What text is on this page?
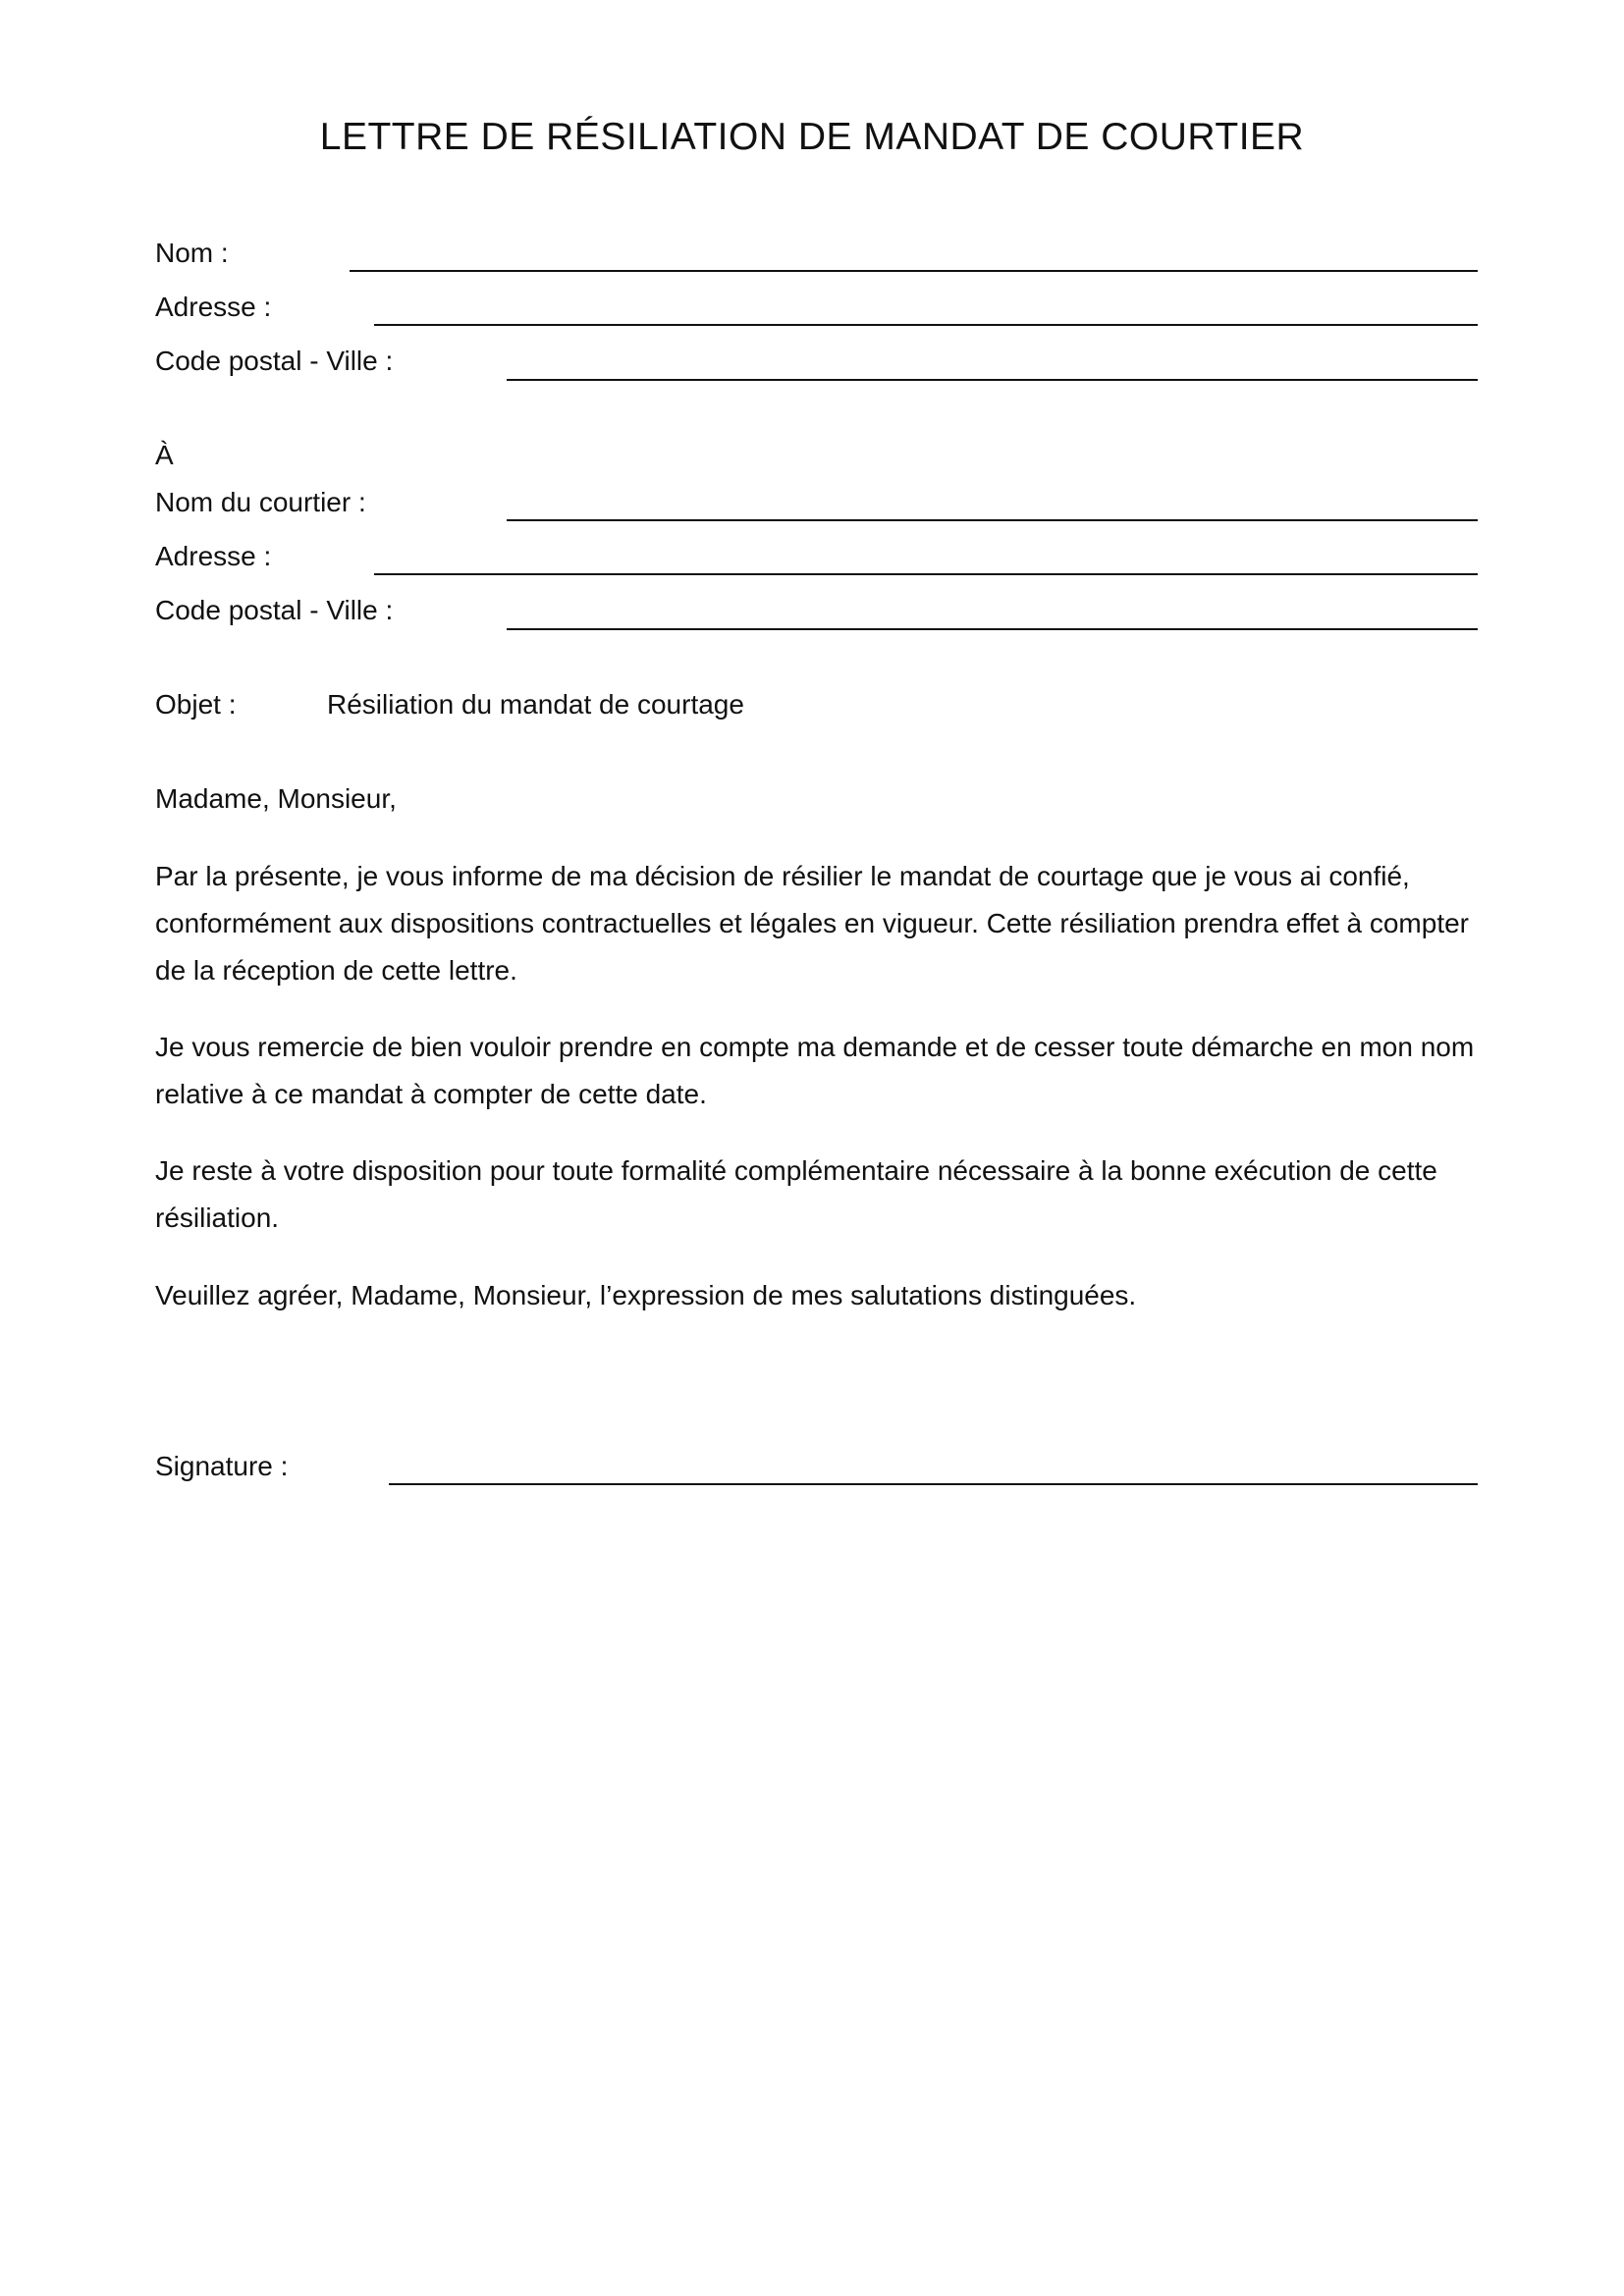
LETTRE DE RÉSILIATION DE MANDAT DE COURTIER
Nom :
Adresse :
Code postal - Ville :
À
Nom du courtier :
Adresse :
Code postal - Ville :
Objet :	Résiliation du mandat de courtage
Madame, Monsieur,

Par la présente, je vous informe de ma décision de résilier le mandat de courtage que je vous ai confié, conformément aux dispositions contractuelles et légales en vigueur. Cette résiliation prendra effet à compter de la réception de cette lettre.

Je vous remercie de bien vouloir prendre en compte ma demande et de cesser toute démarche en mon nom relative à ce mandat à compter de cette date.

Je reste à votre disposition pour toute formalité complémentaire nécessaire à la bonne exécution de cette résiliation.

Veuillez agréer, Madame, Monsieur, l’expression de mes salutations distinguées.

Signature :
